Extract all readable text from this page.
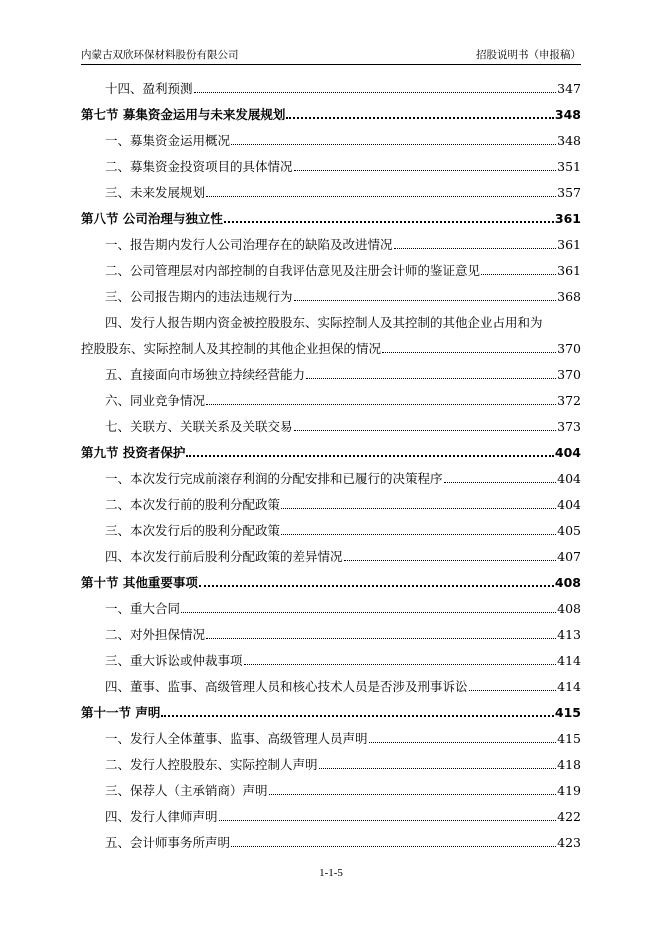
内蒙古双欣环保材料股份有限公司	招股说明书（申报稿）
十四、盈利预测	347
第七节 募集资金运用与未来发展规划	348
一、募集资金运用概况	348
二、募集资金投资项目的具体情况	351
三、未来发展规划	357
第八节 公司治理与独立性	361
一、报告期内发行人公司治理存在的缺陷及改进情况	361
二、公司管理层对内部控制的自我评估意见及注册会计师的鉴证意见	361
三、公司报告期内的违法违规行为	368
四、发行人报告期内资金被控股股东、实际控制人及其控制的其他企业占用和为
控股股东、实际控制人及其控制的其他企业担保的情况	370
五、直接面向市场独立持续经营能力	370
六、同业竞争情况	372
七、关联方、关联关系及关联交易	373
第九节 投资者保护	404
一、本次发行完成前滚存利润的分配安排和已履行的决策程序	404
二、本次发行前的股利分配政策	404
三、本次发行后的股利分配政策	405
四、本次发行前后股利分配政策的差异情况	407
第十节 其他重要事项	408
一、重大合同	408
二、对外担保情况	413
三、重大诉讼或仲裁事项	414
四、董事、监事、高级管理人员和核心技术人员是否涉及刑事诉讼	414
第十一节 声明	415
一、发行人全体董事、监事、高级管理人员声明	415
二、发行人控股股东、实际控制人声明	418
三、保荐人（主承销商）声明	419
四、发行人律师声明	422
五、会计师事务所声明	423
1-1-5
